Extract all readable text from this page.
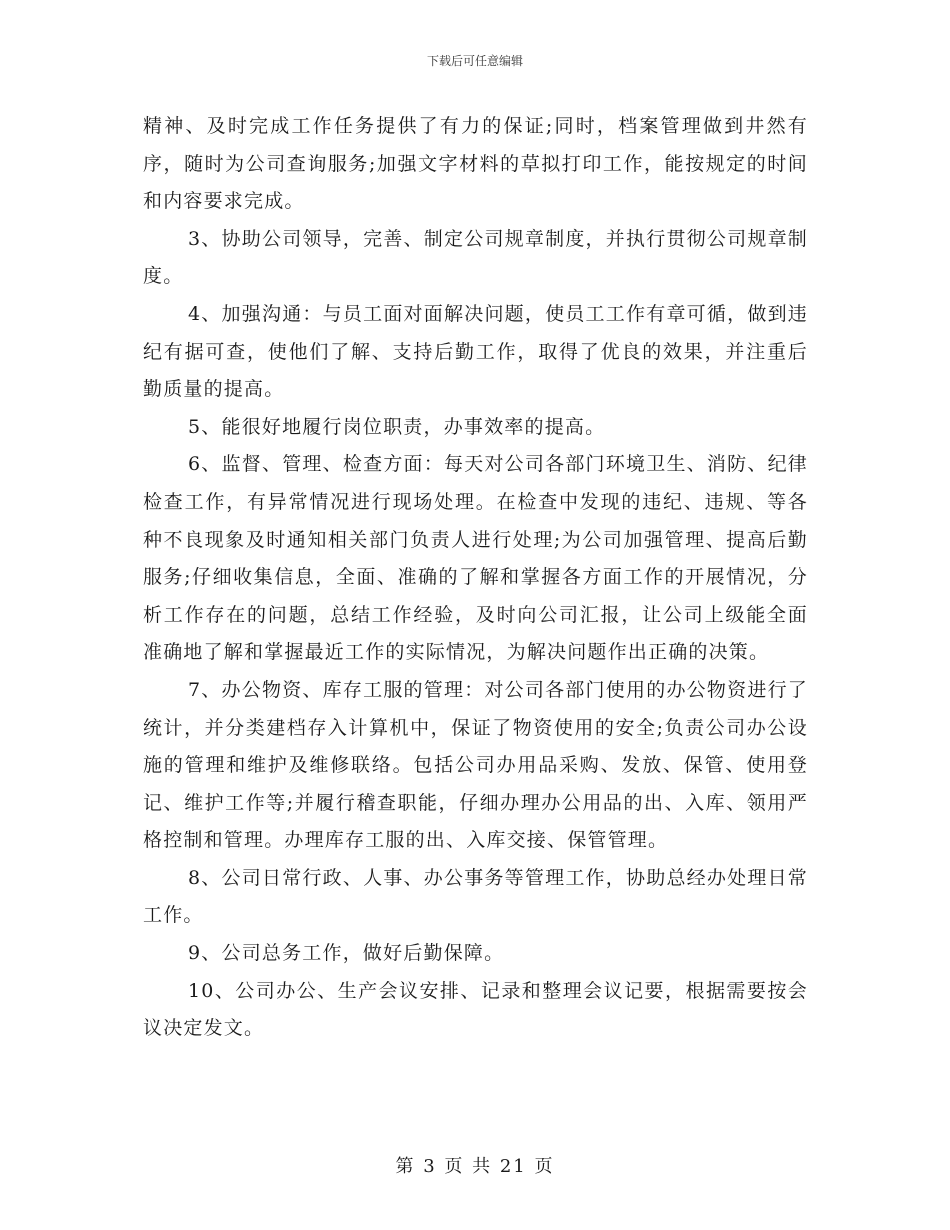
下载后可任意编辑

精神、及时完成工作任务提供了有力的保证;同时，档案管理做到井然有序，随时为公司查询服务;加强文字材料的草拟打印工作，能按规定的时间和内容要求完成。

3、协助公司领导，完善、制定公司规章制度，并执行贯彻公司规章制度。

4、加强沟通：与员工面对面解决问题，使员工工作有章可循，做到违纪有据可查，使他们了解、支持后勤工作，取得了优良的效果，并注重后勤质量的提高。

5、能很好地履行岗位职责，办事效率的提高。

6、监督、管理、检查方面：每天对公司各部门环境卫生、消防、纪律检查工作，有异常情况进行现场处理。在检查中发现的违纪、违规、等各种不良现象及时通知相关部门负责人进行处理;为公司加强管理、提高后勤服务;仔细收集信息，全面、准确的了解和掌握各方面工作的开展情况，分析工作存在的问题，总结工作经验，及时向公司汇报，让公司上级能全面准确地了解和掌握最近工作的实际情况，为解决问题作出正确的决策。

7、办公物资、库存工服的管理：对公司各部门使用的办公物资进行了统计，并分类建档存入计算机中，保证了物资使用的安全;负责公司办公设施的管理和维护及维修联络。包括公司办用品采购、发放、保管、使用登记、维护工作等;并履行稽查职能，仔细办理办公用品的出、入库、领用严格控制和管理。办理库存工服的出、入库交接、保管管理。

8、公司日常行政、人事、办公事务等管理工作，协助总经办处理日常工作。

9、公司总务工作，做好后勤保障。

10、公司办公、生产会议安排、记录和整理会议记要，根据需要按会议决定发文。

第 3 页 共 21 页
